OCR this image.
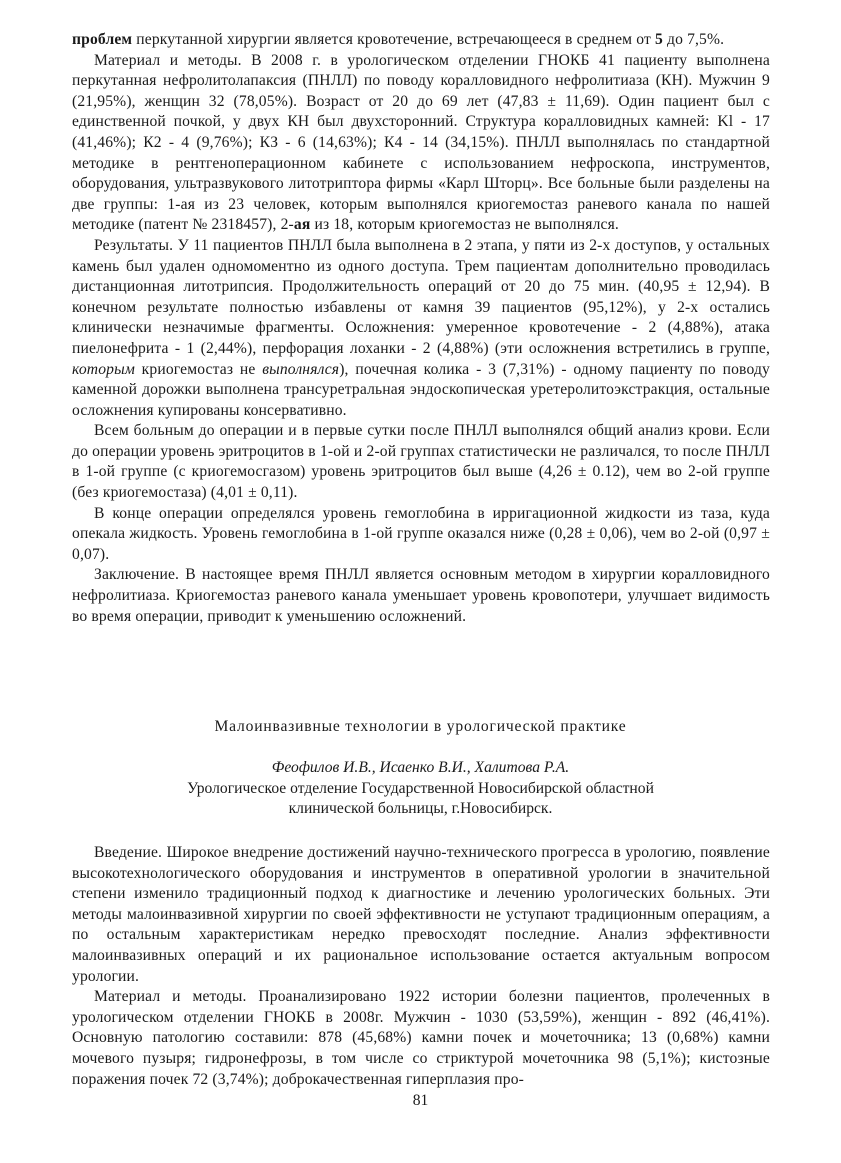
проблем перкутанной хирургии является кровотечение, встречающееся в среднем от 5 до 7,5%.

Материал и методы. В 2008 г. в урологическом отделении ГНОКБ 41 пациенту выполнена перкутанная нефролитолапаксия (ПНЛЛ) по поводу коралловидного нефролитиаза (КН). Мужчин 9 (21,95%), женщин 32 (78,05%). Возраст от 20 до 69 лет (47,83 ± 11,69). Один пациент был с единственной почкой, у двух КН был двухсторонний. Структура коралловидных камней: Kl - 17 (41,46%); К2 - 4 (9,76%); КЗ - 6 (14,63%); К4 - 14 (34,15%). ПНЛЛ выполнялась по стандартной методике в рентгеноперационном кабинете с использованием нефроскопа, инструментов, оборудования, ультразвукового литотриптора фирмы «Карл Шторц». Все больные были разделены на две группы: 1-ая из 23 человек, которым выполнялся криогемостаз раневого канала по нашей методике (патент № 2318457), 2-ая из 18, которым криогемостаз не выполнялся.

Результаты. У 11 пациентов ПНЛЛ была выполнена в 2 этапа, у пяти из 2-х доступов, у остальных камень был удален одномоментно из одного доступа. Трем пациентам дополнительно проводилась дистанционная литотрипсия. Продолжительность операций от 20 до 75 мин. (40,95 ± 12,94). В конечном результате полностью избавлены от камня 39 пациентов (95,12%), у 2-х остались клинически незначимые фрагменты. Осложнения: умеренное кровотечение - 2 (4,88%), атака пиелонефрита - 1 (2,44%), перфорация лоханки - 2 (4,88%) (эти осложнения встретились в группе, которым криогемостаз не выполнялся), почечная колика - 3 (7,31%) - одному пациенту по поводу каменной дорожки выполнена трансуретральная эндоскопическая уретеролитоэкстракция, остальные осложнения купированы консервативно.

Всем больным до операции и в первые сутки после ПНЛЛ выполнялся общий анализ крови. Если до операции уровень эритроцитов в 1-ой и 2-ой группах статистически не различался, то после ПНЛЛ в 1-ой группе (с криогемосгазом) уровень эритроцитов был выше (4,26 ± 0.12), чем во 2-ой группе (без криогемостаза) (4,01 ± 0,11).

В конце операции определялся уровень гемоглобина в ирригационной жидкости из таза, куда опекала жидкость. Уровень гемоглобина в 1-ой группе оказался ниже (0,28 ± 0,06), чем во 2-ой (0,97 ± 0,07).

Заключение. В настоящее время ПНЛЛ является основным методом в хирургии коралловидного нефролитиаза. Криогемостаз раневого канала уменьшает уровень кровопотери, улучшает видимость во время операции, приводит к уменьшению осложнений.

Малоинвазивные технологии в урологической практике
Феофилов И.В., Исаенко В.И., Халитова Р.А.
Урологическое отделение Государственной Новосибирской областной
клинической больницы, г.Новосибирск.

Введение. Широкое внедрение достижений научно-технического прогресса в урологию, появление высокотехнологического оборудования и инструментов в оперативной урологии в значительной степени изменило традиционный подход к диагностике и лечению урологических больных. Эти методы малоинвазивной хирургии по своей эффективности не уступают традиционным операциям, а по остальным характеристикам нередко превосходят последние. Анализ эффективности малоинвазивных операций и их рациональное использование остается актуальным вопросом урологии.

Материал и методы. Проанализировано 1922 истории болезни пациентов, пролеченных в урологическом отделении ГНОКБ в 2008г. Мужчин - 1030 (53,59%), женщин - 892 (46,41%). Основную патологию составили: 878 (45,68%) камни почек и мочеточника; 13 (0,68%) камни мочевого пузыря; гидронефрозы, в том числе со стриктурой мочеточника 98 (5,1%); кистозные поражения почек 72 (3,74%); доброкачественная гиперплазия про-

81
